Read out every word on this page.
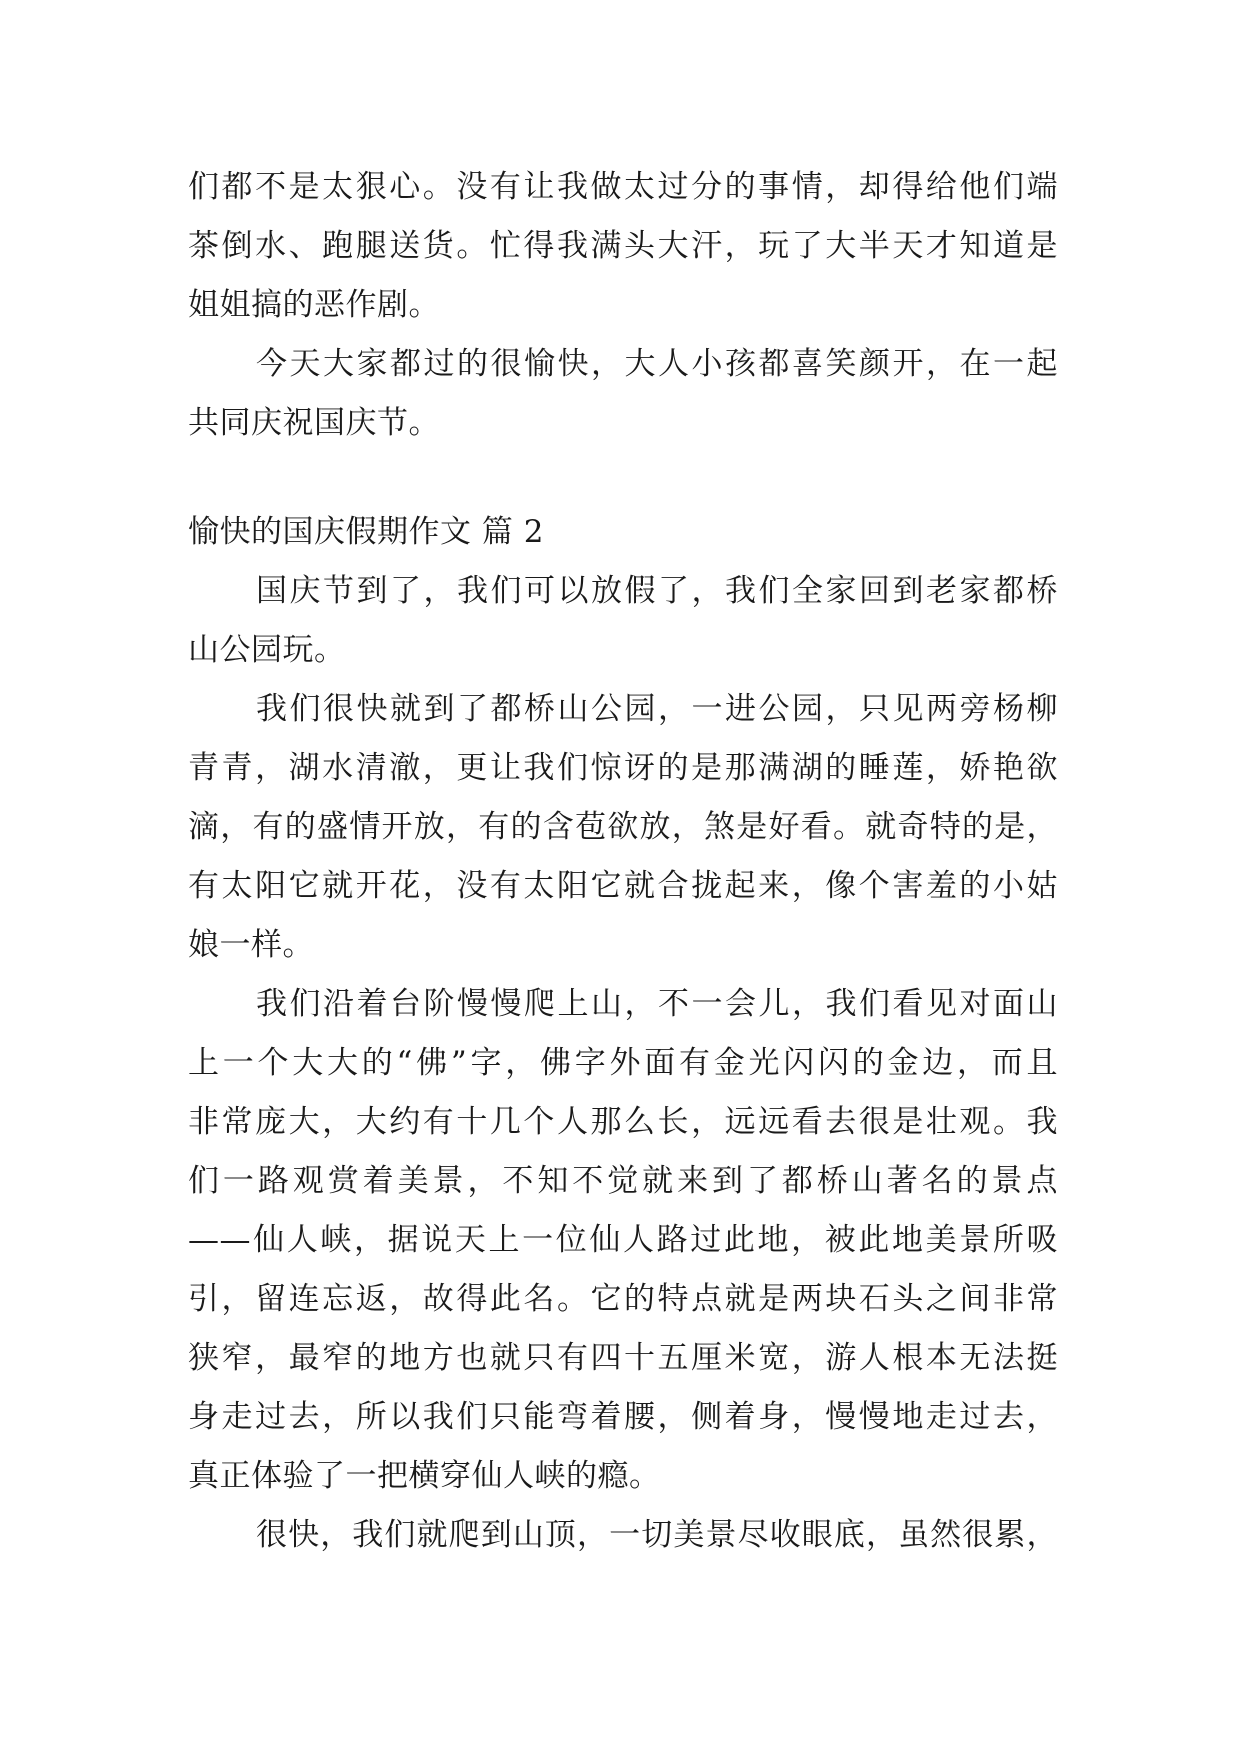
们都不是太狠心。没有让我做太过分的事情，却得给他们端
茶倒水、跑腿送货。忙得我满头大汗，玩了大半天才知道是
姐姐搞的恶作剧。
今天大家都过的很愉快，大人小孩都喜笑颜开，在一起
共同庆祝国庆节。
愉快的国庆假期作文 篇 2
国庆节到了，我们可以放假了，我们全家回到老家都桥
山公园玩。
我们很快就到了都桥山公园，一进公园，只见两旁杨柳
青青，湖水清澈，更让我们惊讶的是那满湖的睡莲，娇艳欲
滴，有的盛情开放，有的含苞欲放，煞是好看。就奇特的是，
有太阳它就开花，没有太阳它就合拢起来，像个害羞的小姑
娘一样。
我们沿着台阶慢慢爬上山，不一会儿，我们看见对面山
上一个大大的“佛”字，佛字外面有金光闪闪的金边，而且
非常庞大，大约有十几个人那么长，远远看去很是壮观。我
们一路观赏着美景，不知不觉就来到了都桥山著名的景点
——仙人峡，据说天上一位仙人路过此地，被此地美景所吸
引，留连忘返，故得此名。它的特点就是两块石头之间非常
狭窄，最窄的地方也就只有四十五厘米宽，游人根本无法挺
身走过去，所以我们只能弯着腰，侧着身，慢慢地走过去，
真正体验了一把横穿仙人峡的瘾。
很快，我们就爬到山顶，一切美景尽收眼底，虽然很累，
